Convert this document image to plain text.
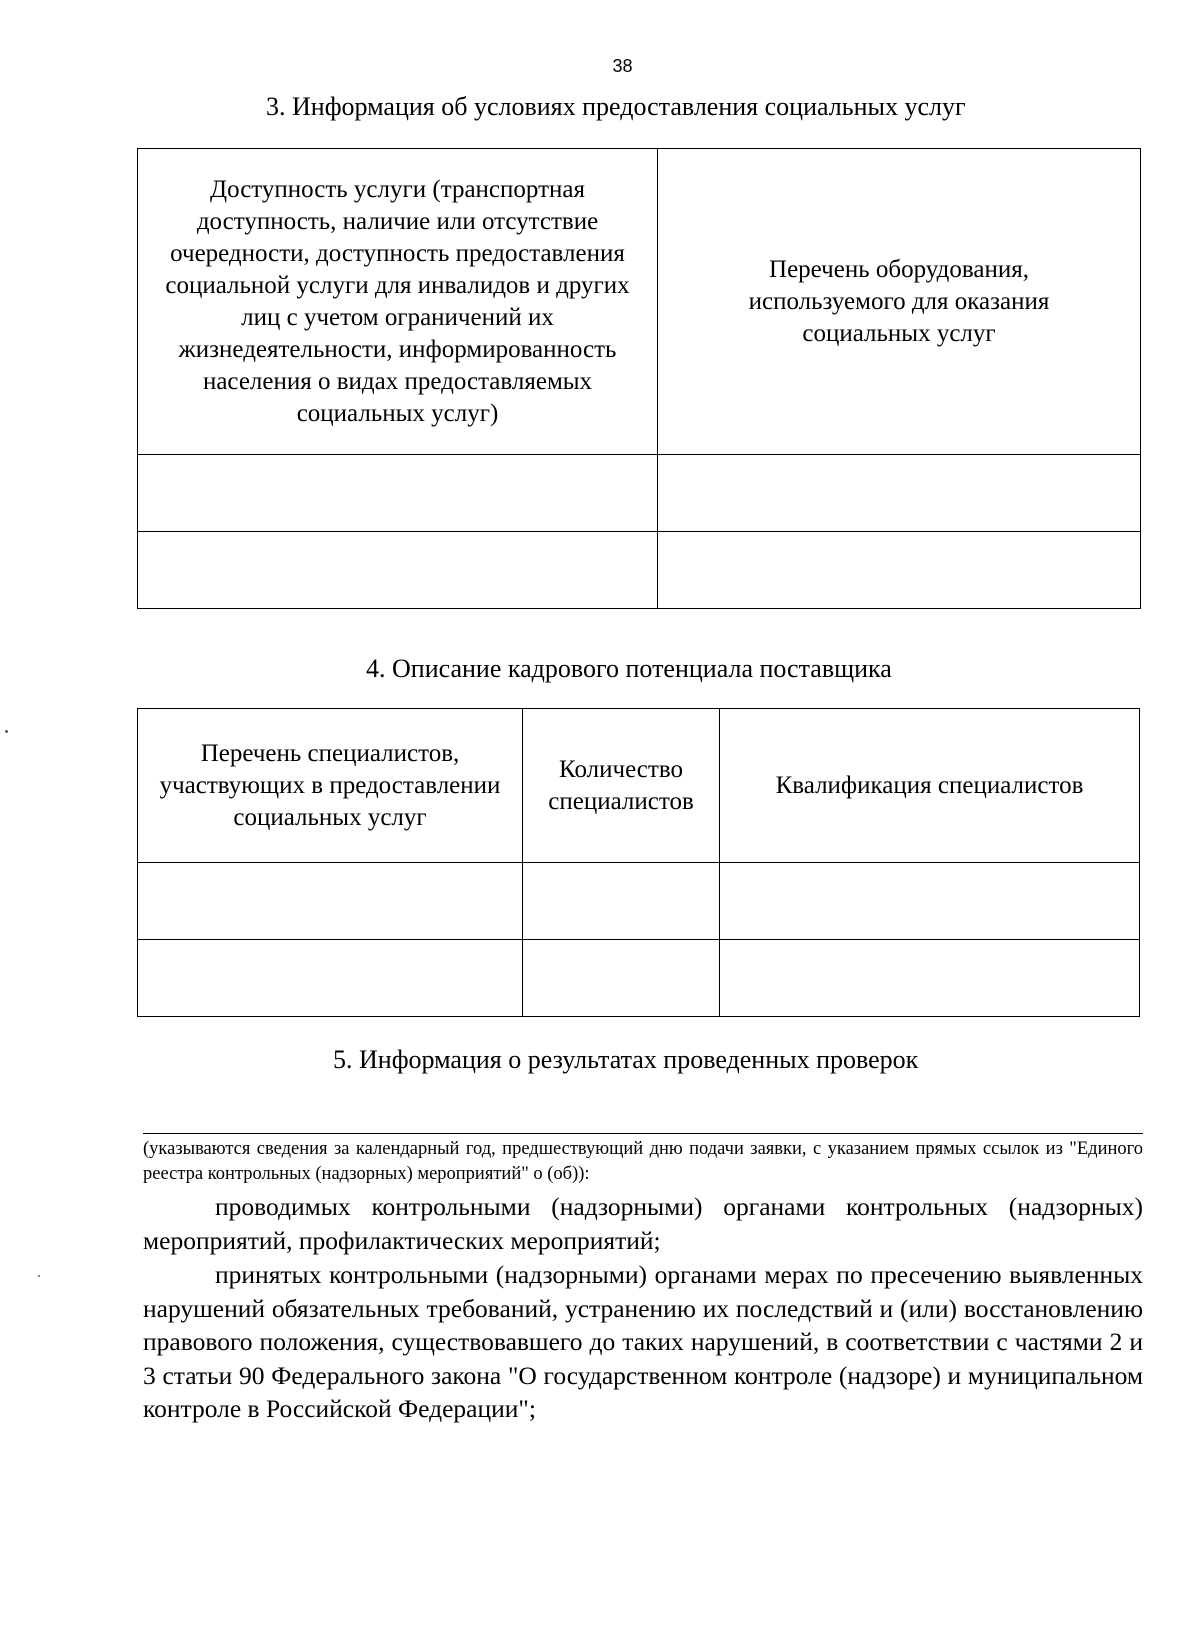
38
3. Информация об условиях предоставления социальных услуг
Доступность услуги (транспортная доступность, наличие или отсутствие очередности, доступность предоставления социальной услуги для инвалидов и других лиц с учетом ограничений их жизнедеятельности, информированность населения о видах предоставляемых социальных услуг)	Перечень оборудования, используемого для оказания социальных услуг

4. Описание кадрового потенциала поставщика
Перечень специалистов, участвующих в предоставлении социальных услуг	Количество специалистов	Квалификация специалистов

5. Информация о результатах проведенных проверок
(указываются сведения за календарный год, предшествующий дню подачи заявки, с указанием прямых ссылок из "Единого реестра контрольных (надзорных) мероприятий" о (об)):

проводимых контрольными (надзорными) органами контрольных (надзорных) мероприятий, профилактических мероприятий;

принятых контрольными (надзорными) органами мерах по пресечению выявленных нарушений обязательных требований, устранению их последствий и (или) восстановлению правового положения, существовавшего до таких нарушений, в соответствии с частями 2 и 3 статьи 90 Федерального закона "О государственном контроле (надзоре) и муниципальном контроле в Российской Федерации";
